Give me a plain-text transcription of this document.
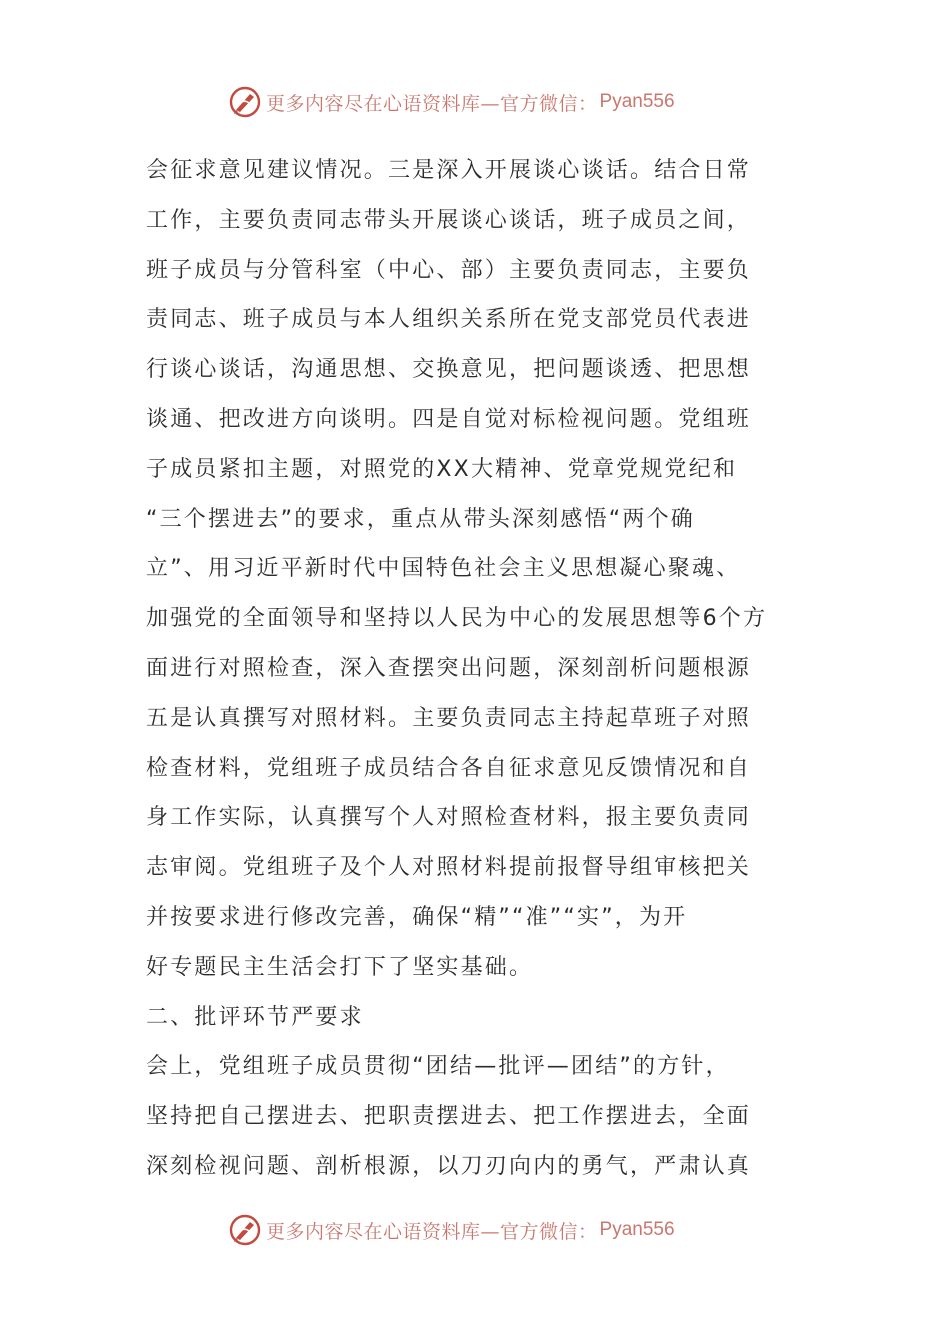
更多内容尽在心语资料库—官方微信： Pyan556
会征求意见建议情况。三是深入开展谈心谈话。结合日常
工作，主要负责同志带头开展谈心谈话，班子成员之间，
班子成员与分管科室（中心、部）主要负责同志，主要负
责同志、班子成员与本人组织关系所在党支部党员代表进
行谈心谈话，沟通思想、交换意见，把问题谈透、把思想
谈通、把改进方向谈明。四是自觉对标检视问题。党组班
子成员紧扣主题，对照党的XX大精神、党章党规党纪和
“三个摆进去”的要求，重点从带头深刻感悟“两个确
立”、用习近平新时代中国特色社会主义思想凝心聚魂、
加强党的全面领导和坚持以人民为中心的发展思想等6个方
面进行对照检查，深入查摆突出问题，深刻剖析问题根源
五是认真撰写对照材料。主要负责同志主持起草班子对照
检查材料，党组班子成员结合各自征求意见反馈情况和自
身工作实际，认真撰写个人对照检查材料，报主要负责同
志审阅。党组班子及个人对照材料提前报督导组审核把关
并按要求进行修改完善，确保“精”“准”“实”，为开
好专题民主生活会打下了坚实基础。
二、批评环节严要求
会上，党组班子成员贯彻“团结—批评—团结”的方针，
坚持把自己摆进去、把职责摆进去、把工作摆进去，全面
深刻检视问题、剖析根源，以刀刃向内的勇气，严肃认真
更多内容尽在心语资料库—官方微信： Pyan556
